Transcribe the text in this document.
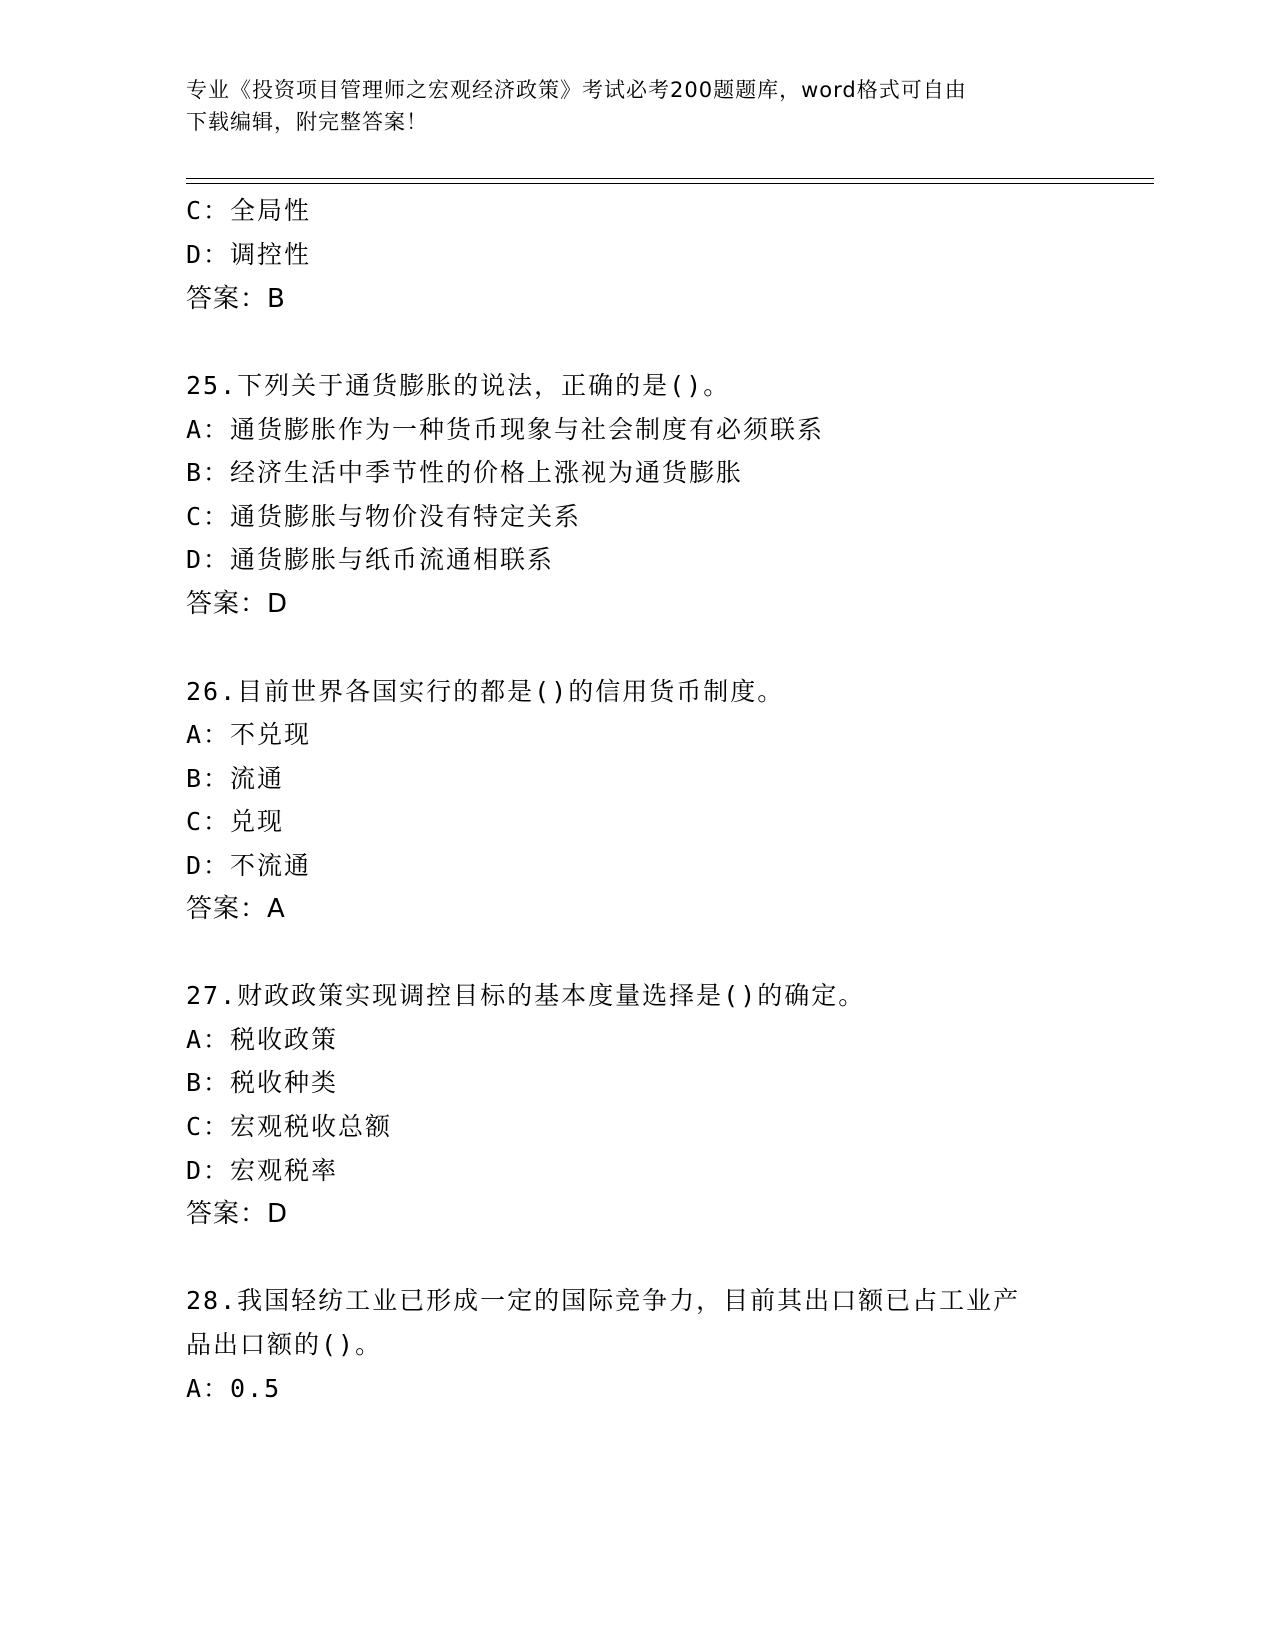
专业《投资项目管理师之宏观经济政策》考试必考200题题库，word格式可自由
下载编辑，附完整答案！
C：全局性
D：调控性
答案：B
25.下列关于通货膨胀的说法，正确的是()。
A：通货膨胀作为一种货币现象与社会制度有必须联系
B：经济生活中季节性的价格上涨视为通货膨胀
C：通货膨胀与物价没有特定关系
D：通货膨胀与纸币流通相联系
答案：D
26.目前世界各国实行的都是()的信用货币制度。
A：不兑现
B：流通
C：兑现
D：不流通
答案：A
27.财政政策实现调控目标的基本度量选择是()的确定。
A：税收政策
B：税收种类
C：宏观税收总额
D：宏观税率
答案：D
28.我国轻纺工业已形成一定的国际竞争力，目前其出口额已占工业产
品出口额的()。
A：0.5
